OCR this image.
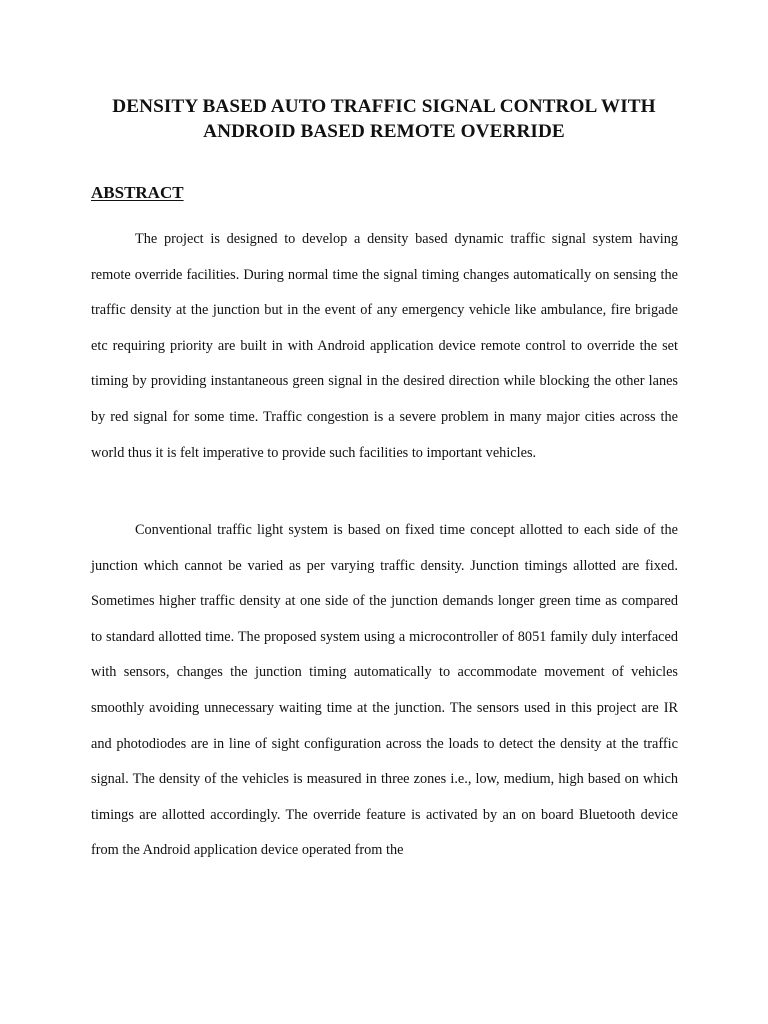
DENSITY BASED AUTO TRAFFIC SIGNAL CONTROL WITH ANDROID BASED REMOTE OVERRIDE
ABSTRACT

The project is designed to develop a density based dynamic traffic signal system having remote override facilities. During normal time the signal timing changes automatically on sensing the traffic density at the junction but in the event of any emergency vehicle like ambulance, fire brigade etc requiring priority are built in with Android application device remote control to override the set timing by providing instantaneous green signal in the desired direction while blocking the other lanes by red signal for some time. Traffic congestion is a severe problem in many major cities across the world thus it is felt imperative to provide such facilities to important vehicles.

Conventional traffic light system is based on fixed time concept allotted to each side of the junction which cannot be varied as per varying traffic density. Junction timings allotted are fixed. Sometimes higher traffic density at one side of the junction demands longer green time as compared to standard allotted time. The proposed system using a microcontroller of 8051 family duly interfaced with sensors, changes the junction timing automatically to accommodate movement of vehicles smoothly avoiding unnecessary waiting time at the junction. The sensors used in this project are IR and photodiodes are in line of sight configuration across the loads to detect the density at the traffic signal. The density of the vehicles is measured in three zones i.e., low, medium, high based on which timings are allotted accordingly. The override feature is activated by an on board Bluetooth device from the Android application device operated from the
